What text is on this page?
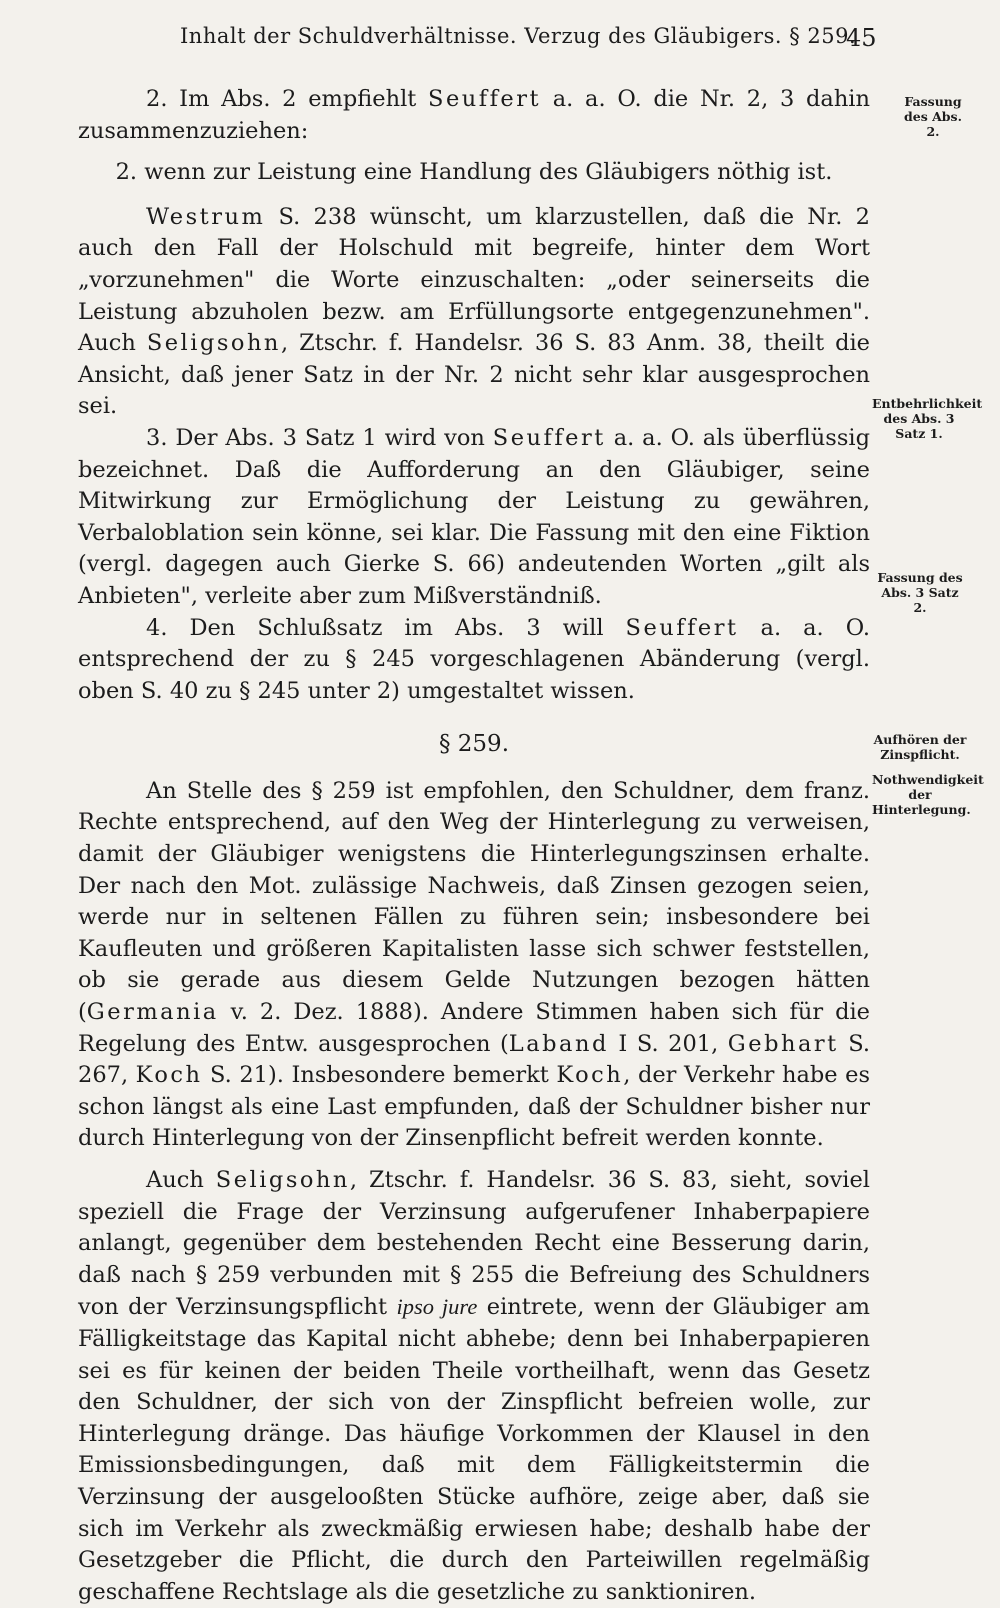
Inhalt der Schuldverhältnisse. Verzug des Gläubigers. § 259.
45
Fassung des Abs. 2.
Entbehrlichkeit des Abs. 3 Satz 1.
Fassung des Abs. 3 Satz 2.
Aufhören der Zinspflicht.
Nothwendigkeit der Hinterlegung.

2. Im Abs. 2 empfiehlt Seuffert a. a. O. die Nr. 2, 3 dahin zusammenzuziehen:

2. wenn zur Leistung eine Handlung des Gläubigers nöthig ist.

Westrum S. 238 wünscht, um klarzustellen, daß die Nr. 2 auch den Fall der Holschuld mit begreife, hinter dem Wort „vorzunehmen" die Worte einzuschalten: „oder seinerseits die Leistung abzuholen bezw. am Erfüllungsorte entgegenzunehmen". Auch Seligsohn, Ztschr. f. Handelsr. 36 S. 83 Anm. 38, theilt die Ansicht, daß jener Satz in der Nr. 2 nicht sehr klar ausgesprochen sei.

3. Der Abs. 3 Satz 1 wird von Seuffert a. a. O. als überflüssig bezeichnet. Daß die Aufforderung an den Gläubiger, seine Mitwirkung zur Ermöglichung der Leistung zu gewähren, Verbaloblation sein könne, sei klar. Die Fassung mit den eine Fiktion (vergl. dagegen auch Gierke S. 66) andeutenden Worten „gilt als Anbieten", verleite aber zum Mißverständniß.

4. Den Schlußsatz im Abs. 3 will Seuffert a. a. O. entsprechend der zu § 245 vorgeschlagenen Abänderung (vergl. oben S. 40 zu § 245 unter 2) umgestaltet wissen.

§ 259.

An Stelle des § 259 ist empfohlen, den Schuldner, dem franz. Rechte entsprechend, auf den Weg der Hinterlegung zu verweisen, damit der Gläubiger wenigstens die Hinterlegungszinsen erhalte. Der nach den Mot. zulässige Nachweis, daß Zinsen gezogen seien, werde nur in seltenen Fällen zu führen sein; insbesondere bei Kaufleuten und größeren Kapitalisten lasse sich schwer feststellen, ob sie gerade aus diesem Gelde Nutzungen bezogen hätten (Germania v. 2. Dez. 1888). Andere Stimmen haben sich für die Regelung des Entw. ausgesprochen (Laband I S. 201, Gebhart S. 267, Koch S. 21). Insbesondere bemerkt Koch, der Verkehr habe es schon längst als eine Last empfunden, daß der Schuldner bisher nur durch Hinterlegung von der Zinsenpflicht befreit werden konnte.

Auch Seligsohn, Ztschr. f. Handelsr. 36 S. 83, sieht, soviel speziell die Frage der Verzinsung aufgerufener Inhaberpapiere anlangt, gegenüber dem bestehenden Recht eine Besserung darin, daß nach § 259 verbunden mit § 255 die Befreiung des Schuldners von der Verzinsungspflicht ipso jure eintrete, wenn der Gläubiger am Fälligkeitstage das Kapital nicht abhebe; denn bei Inhaberpapieren sei es für keinen der beiden Theile vortheilhaft, wenn das Gesetz den Schuldner, der sich von der Zinspflicht befreien wolle, zur Hinterlegung dränge. Das häufige Vorkommen der Klausel in den Emissionsbedingungen, daß mit dem Fälligkeitstermin die Verzinsung der ausgelooßten Stücke aufhöre, zeige aber, daß sie sich im Verkehr als zweckmäßig erwiesen habe; deshalb habe der Gesetzgeber die Pflicht, die durch den Parteiwillen regelmäßig geschaffene Rechtslage als die gesetzliche zu sanktioniren.
